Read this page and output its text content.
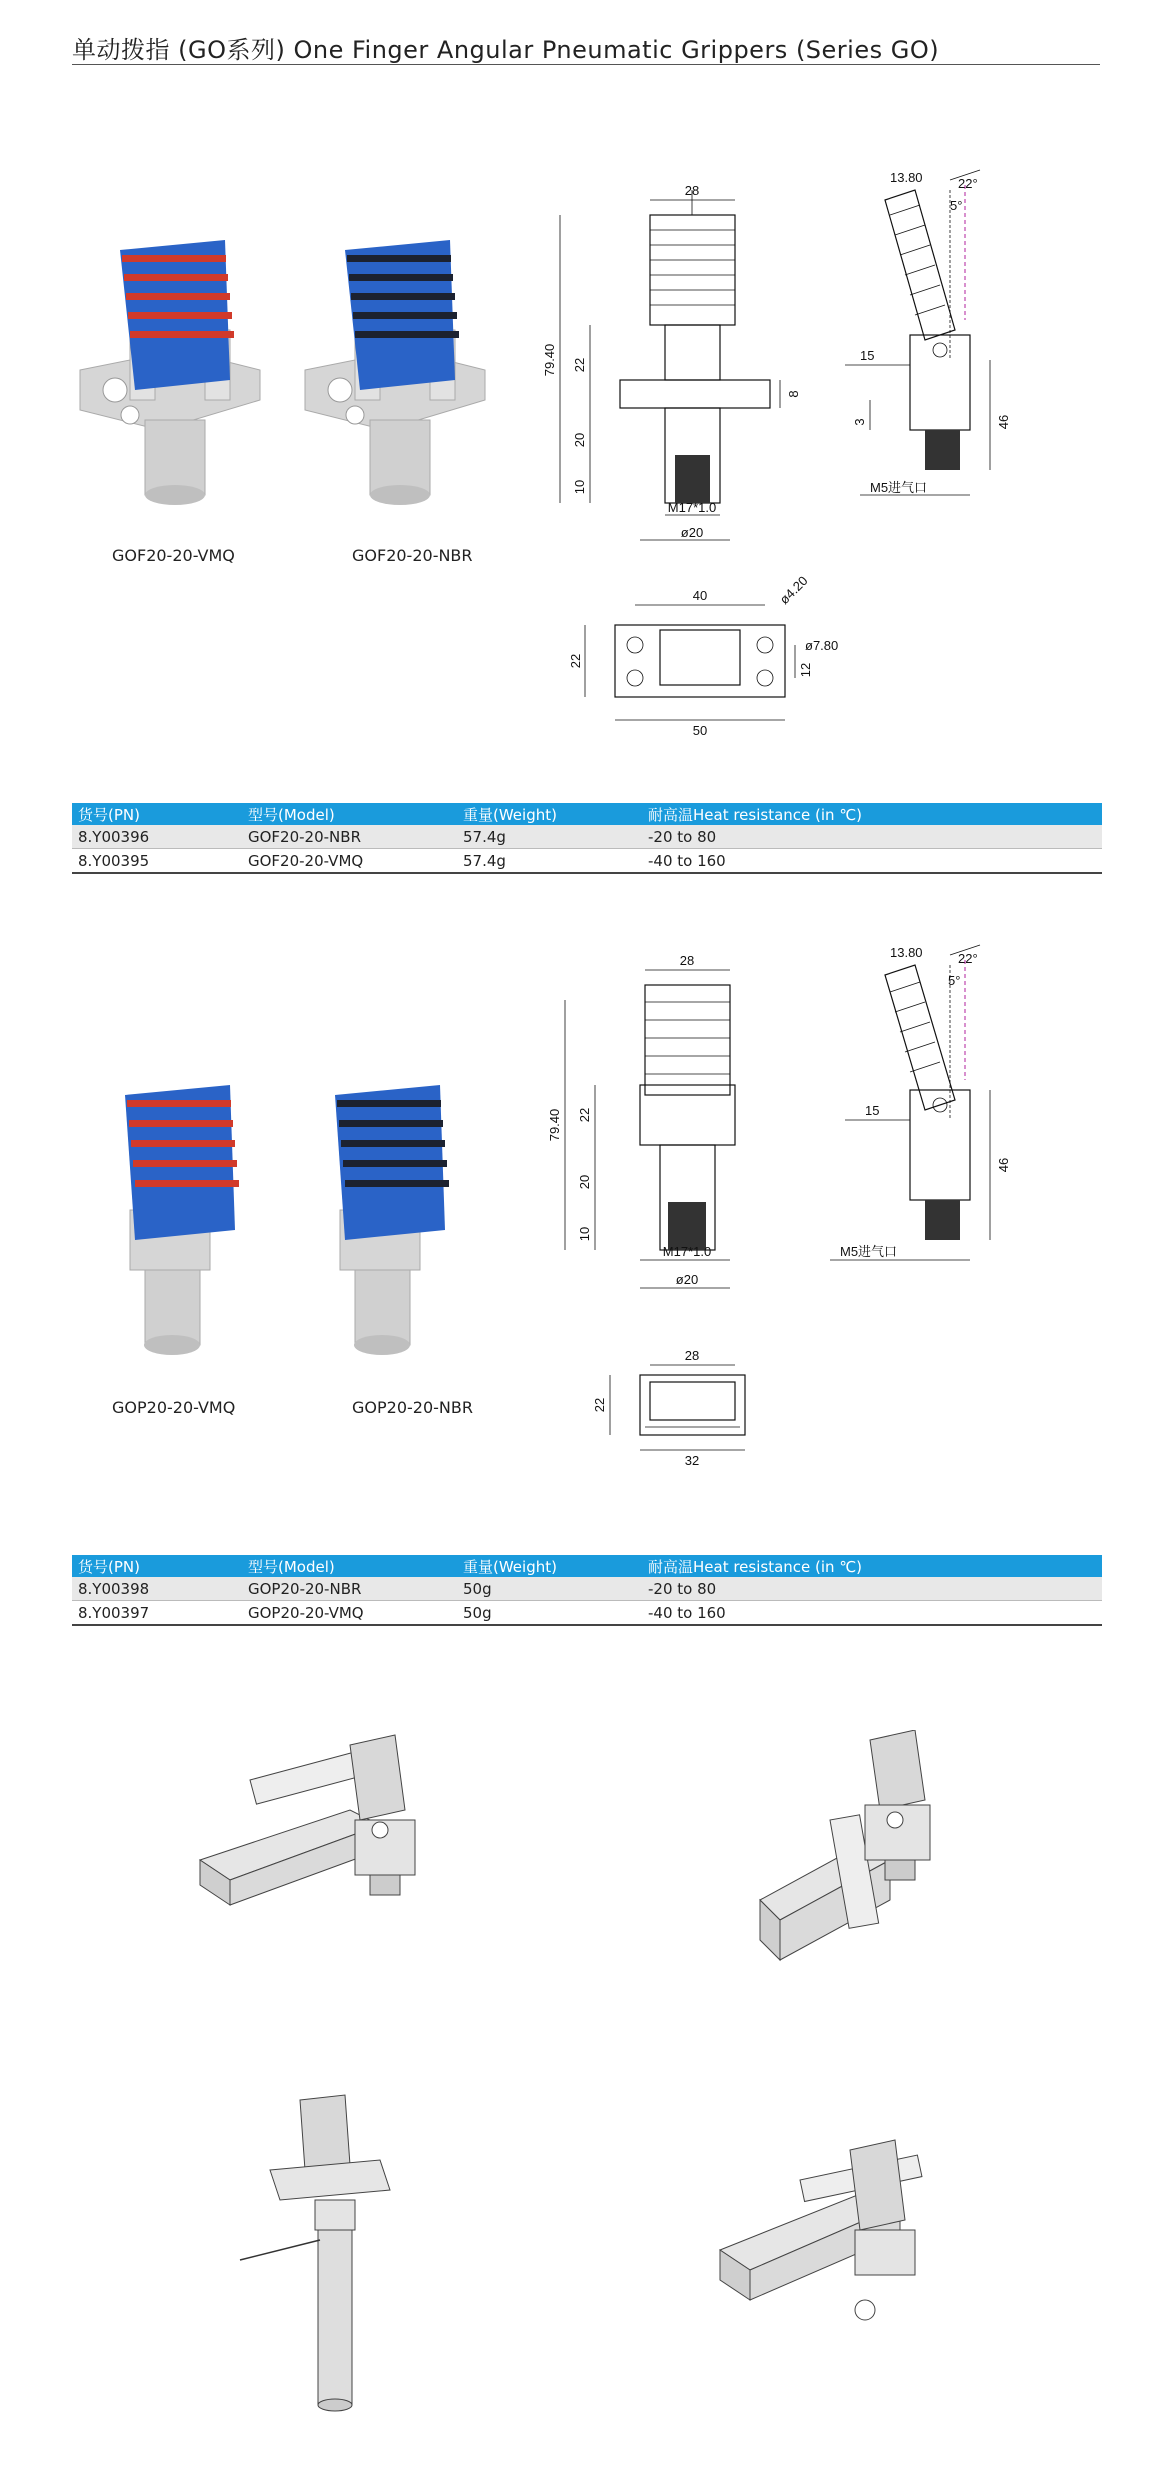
单动拨指 (GO系列) One Finger Angular Pneumatic Grippers (Series GO)
GOF20-20-VMQ	GOF20-20-NBR
28
79.40 22
20
10
8
M17*1.0
ø20
13.80	22°
5°
15
3	46
M5进气口
40	ø4.20
ø7.80
22
12
50
货号(PN)	型号(Model)	重量(Weight)	耐高温Heat resistance (in ℃)
8.Y00396	GOF20-20-NBR	57.4g	-20 to 80
8.Y00395	GOF20-20-VMQ	57.4g	-40 to 160
GOP20-20-VMQ	GOP20-20-NBR
28
79.40 22
20
10
M17*1.0
ø20
13.80	22°
5°
15
46
M5进气口
28
22
32
货号(PN)	型号(Model)	重量(Weight)	耐高温Heat resistance (in ℃)
8.Y00398	GOP20-20-NBR	50g	-20 to 80
8.Y00397	GOP20-20-VMQ	50g	-40 to 160
